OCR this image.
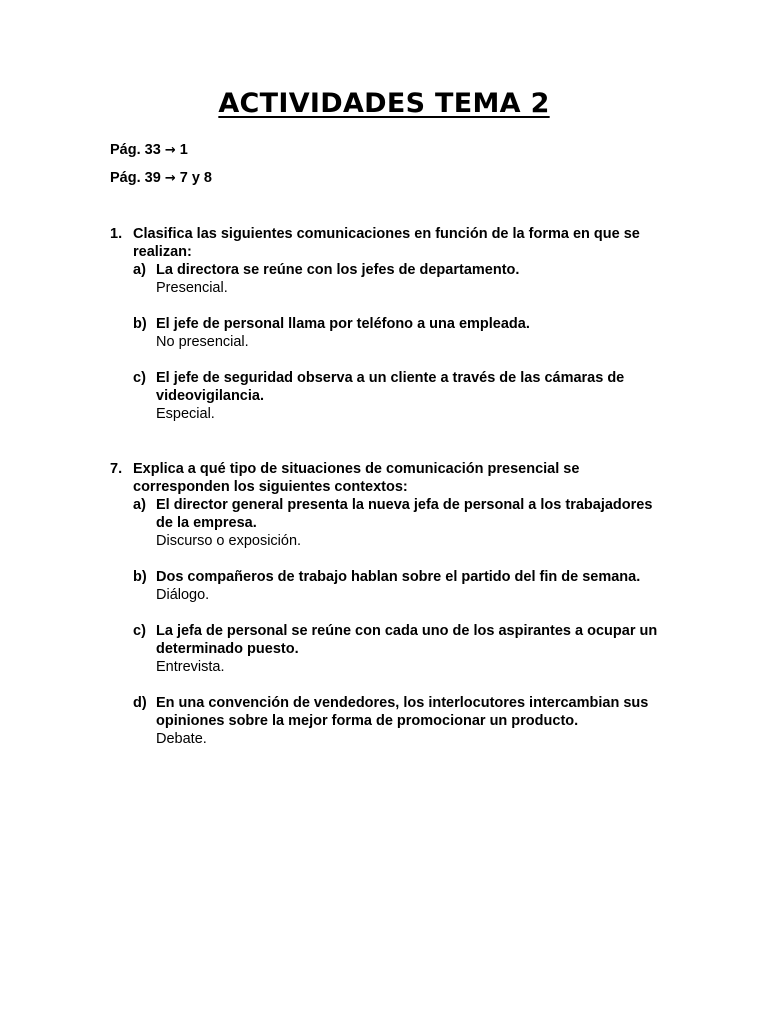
ACTIVIDADES TEMA 2
Pág. 33 → 1
Pág. 39 → 7 y 8
1. Clasifica las siguientes comunicaciones en función de la forma en que se realizan:
a) La directora se reúne con los jefes de departamento.
Presencial.
b) El jefe de personal llama por teléfono a una empleada.
No presencial.
c) El jefe de seguridad observa a un cliente a través de las cámaras de videovigilancia.
Especial.
7. Explica a qué tipo de situaciones de comunicación presencial se corresponden los siguientes contextos:
a) El director general presenta la nueva jefa de personal a los trabajadores de la empresa.
Discurso o exposición.
b) Dos compañeros de trabajo hablan sobre el partido del fin de semana.
Diálogo.
c) La jefa de personal se reúne con cada uno de los aspirantes a ocupar un determinado puesto.
Entrevista.
d) En una convención de vendedores, los interlocutores intercambian sus opiniones sobre la mejor forma de promocionar un producto.
Debate.
